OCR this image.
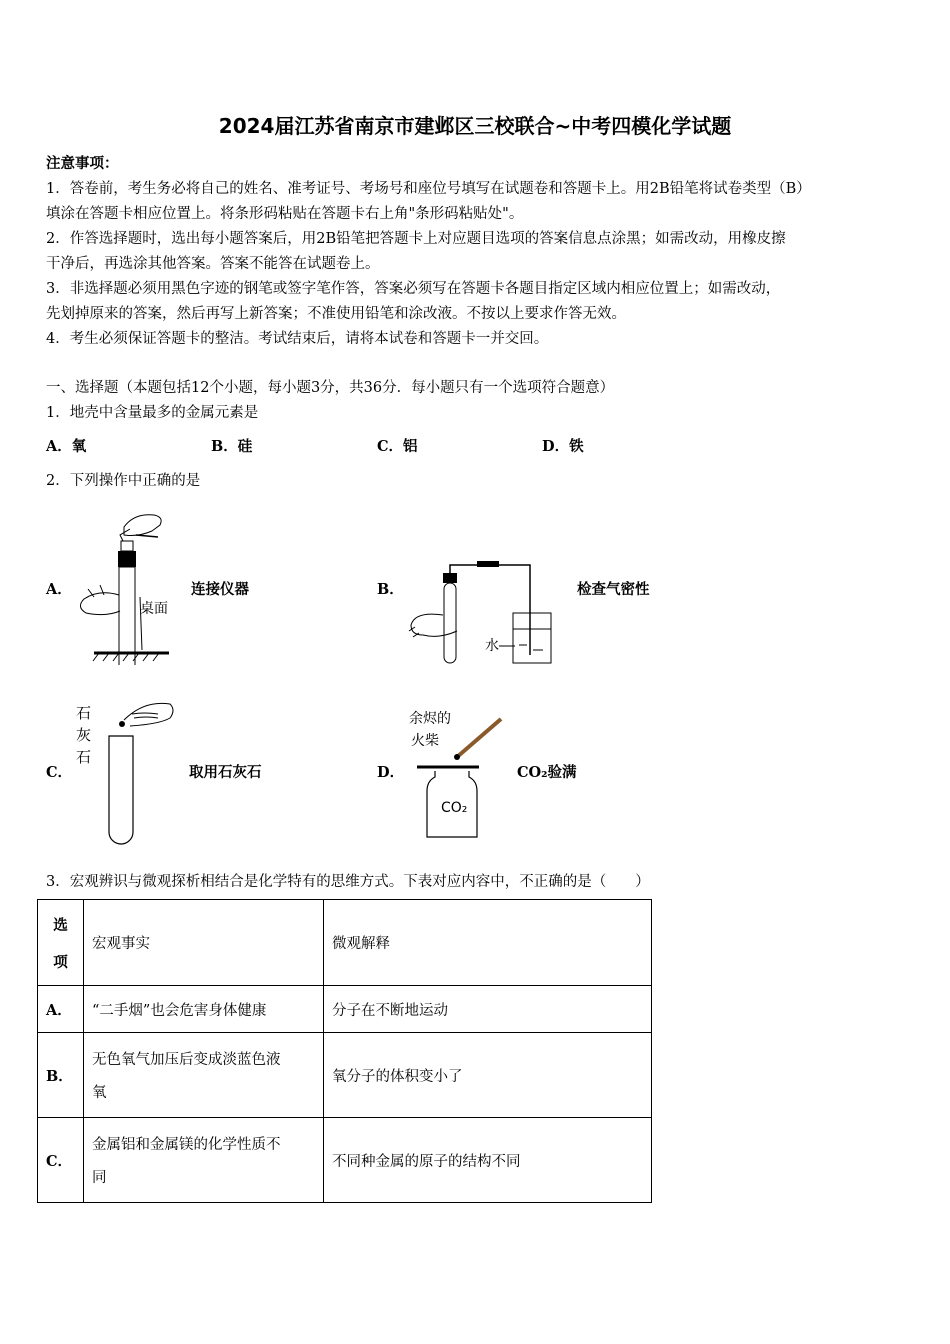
2024届江苏省南京市建邺区三校联合~中考四模化学试题
注意事项：
1．答卷前，考生务必将自己的姓名、准考证号、考场号和座位号填写在试题卷和答题卡上。用2B铅笔将试卷类型（B）
填涂在答题卡相应位置上。将条形码粘贴在答题卡右上角"条形码粘贴处"。
2．作答选择题时，选出每小题答案后，用2B铅笔把答题卡上对应题目选项的答案信息点涂黑；如需改动，用橡皮擦
干净后，再选涂其他答案。答案不能答在试题卷上。
3．非选择题必须用黑色字迹的钢笔或签字笔作答，答案必须写在答题卡各题目指定区域内相应位置上；如需改动，
先划掉原来的答案，然后再写上新答案；不准使用铅笔和涂改液。不按以上要求作答无效。
4．考生必须保证答题卡的整洁。考试结束后，请将本试卷和答题卡一并交回。
一、选择题（本题包括12个小题，每小题3分，共36分．每小题只有一个选项符合题意）
1．地壳中含量最多的金属元素是
A．氧	B．硅	C．铝	D．铁
2．下列操作中正确的是
A．
桌面
连接仪器	B．
水
检查气密性
C．
石
灰
石
取用石灰石	D．
余烬的
火柴
CO₂
CO₂验满
3．宏观辨识与微观探析相结合是化学特有的思维方式。下表对应内容中，不正确的是（　　）
选
项	宏观事实	微观解释
A．	“二手烟”也会危害身体健康	分子在不断地运动
B．	无色氧气加压后变成淡蓝色液
氧	氧分子的体积变小了
C．	金属铝和金属镁的化学性质不
同	不同种金属的原子的结构不同
